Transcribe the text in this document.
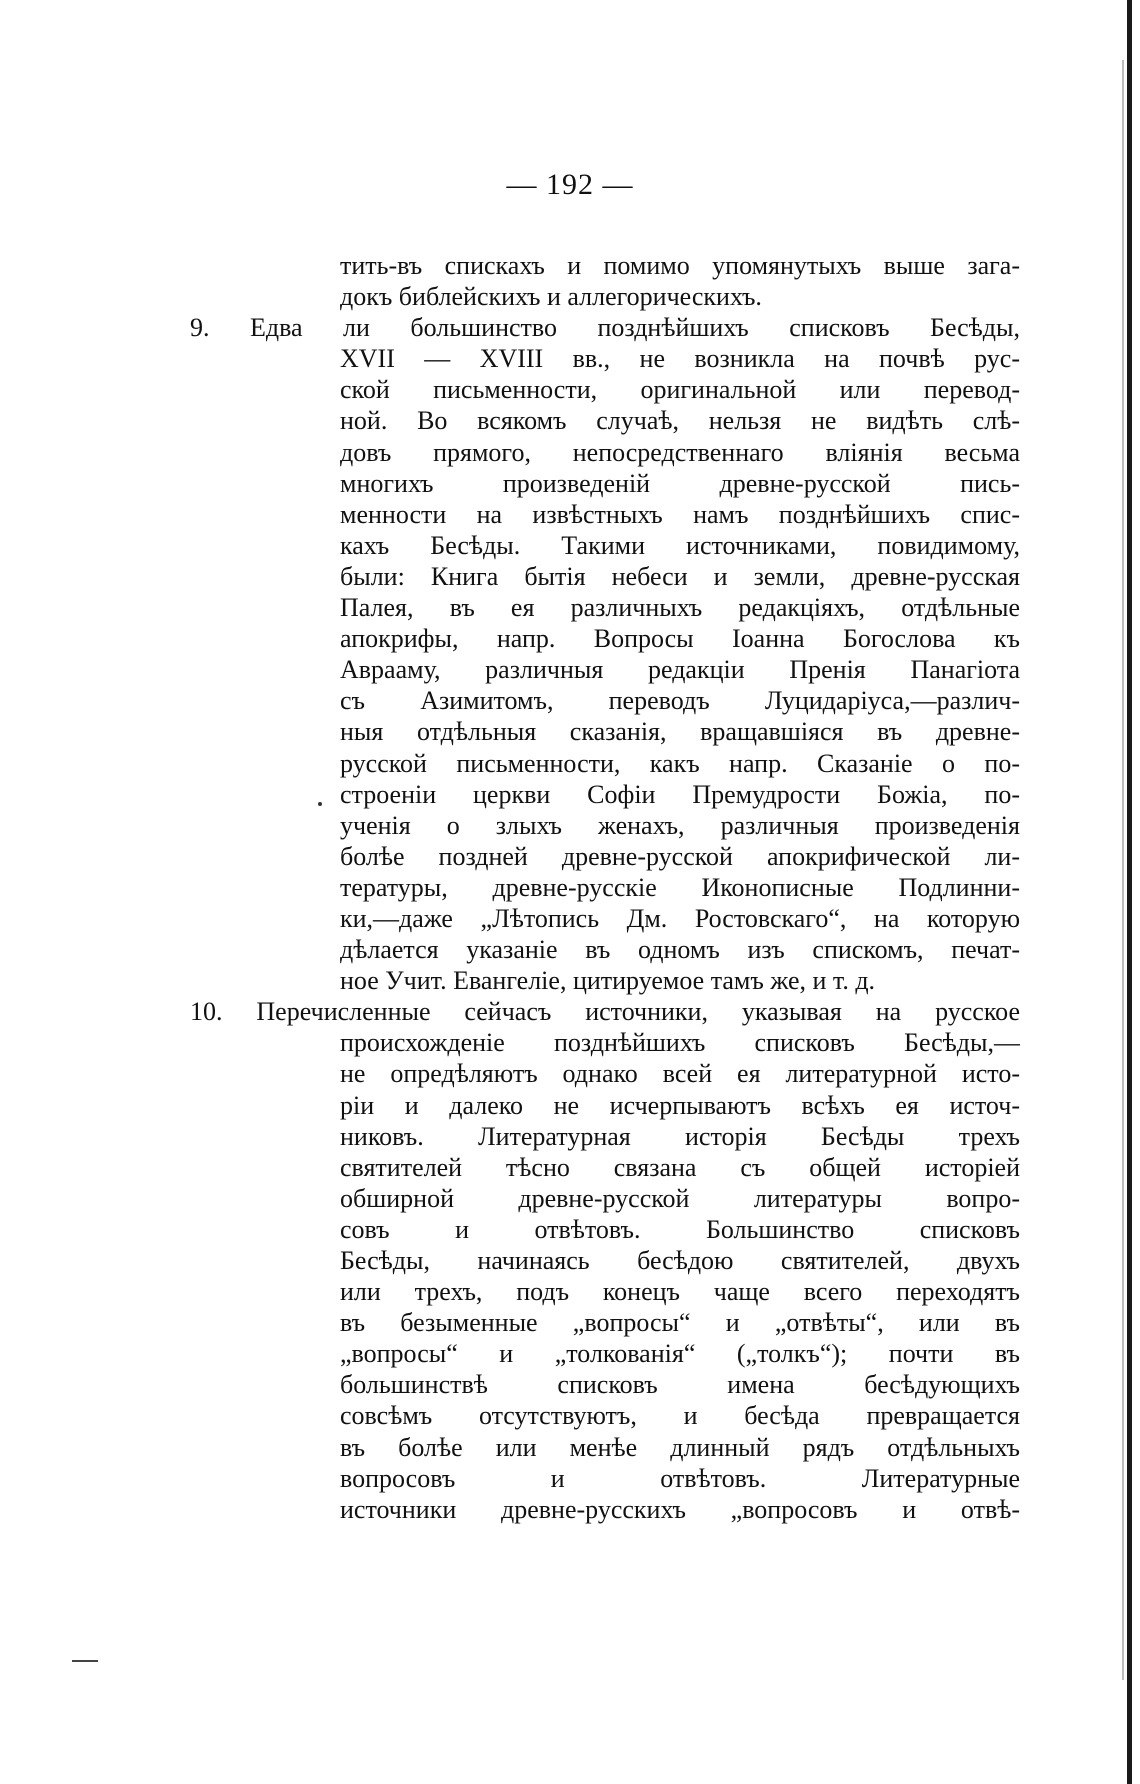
— 192 —
тить-въ спискахъ и помимо упомянутыхъ выше зага-
докъ библейскихъ и аллегорическихъ.
9. Едва ли большинство позднѣйшихъ списковъ Бесѣды,
XVII — XVIII вв., не возникла на почвѣ рус-
ской письменности, оригинальной или перевод-
ной. Во всякомъ случаѣ, нельзя не видѣть слѣ-
довъ прямого, непосредственнаго вліянія весьма
многихъ произведеній древне-русской пись-
менности на извѣстныхъ намъ позднѣйшихъ спис-
кахъ Бесѣды. Такими источниками, повидимому,
были: Книга бытія небеси и земли, древне-русская
Палея, въ ея различныхъ редакціяхъ, отдѣльные
апокрифы, напр. Вопросы Іоанна Богослова къ
Аврааму, различныя редакціи Пренія Панагіота
съ Азимитомъ, переводъ Луцидаріуса,—различ-
ныя отдѣльныя сказанія, вращавшіяся въ древне-
русской письменности, какъ напр. Сказаніе о по-
строеніи церкви Софіи Премудрости Божіа, по-
ученія о злыхъ женахъ, различныя произведенія
болѣе поздней древне-русской апокрифической ли-
тературы, древне-русскіе Иконописные Подлинни-
ки,—даже „Лѣтопись Дм. Ростовскаго“, на которую
дѣлается указаніе въ одномъ изъ спискомъ, печат-
ное Учит. Евангеліе, цитируемое тамъ же, и т. д.
10. Перечисленные сейчасъ источники, указывая на русское
происхожденіе позднѣйшихъ списковъ Бесѣды,—
не опредѣляютъ однако всей ея литературной исто-
ріи и далеко не исчерпываютъ всѣхъ ея источ-
никовъ. Литературная исторія Бесѣды трехъ
святителей тѣсно связана съ общей исторіей
обширной древне-русской литературы вопро-
совъ и отвѣтовъ. Большинство списковъ
Бесѣды, начинаясь бесѣдою святителей, двухъ
или трехъ, подъ конецъ чаще всего переходятъ
въ безыменные „вопросы“ и „отвѣты“, или въ
„вопросы“ и „толкованія“ („толкъ“); почти въ
большинствѣ списковъ имена бесѣдующихъ
совсѣмъ отсутствуютъ, и бесѣда превращается
въ болѣе или менѣе длинный рядъ отдѣльныхъ
вопросовъ и отвѣтовъ. Литературные
источники древне-русскихъ „вопросовъ и отвѣ-
